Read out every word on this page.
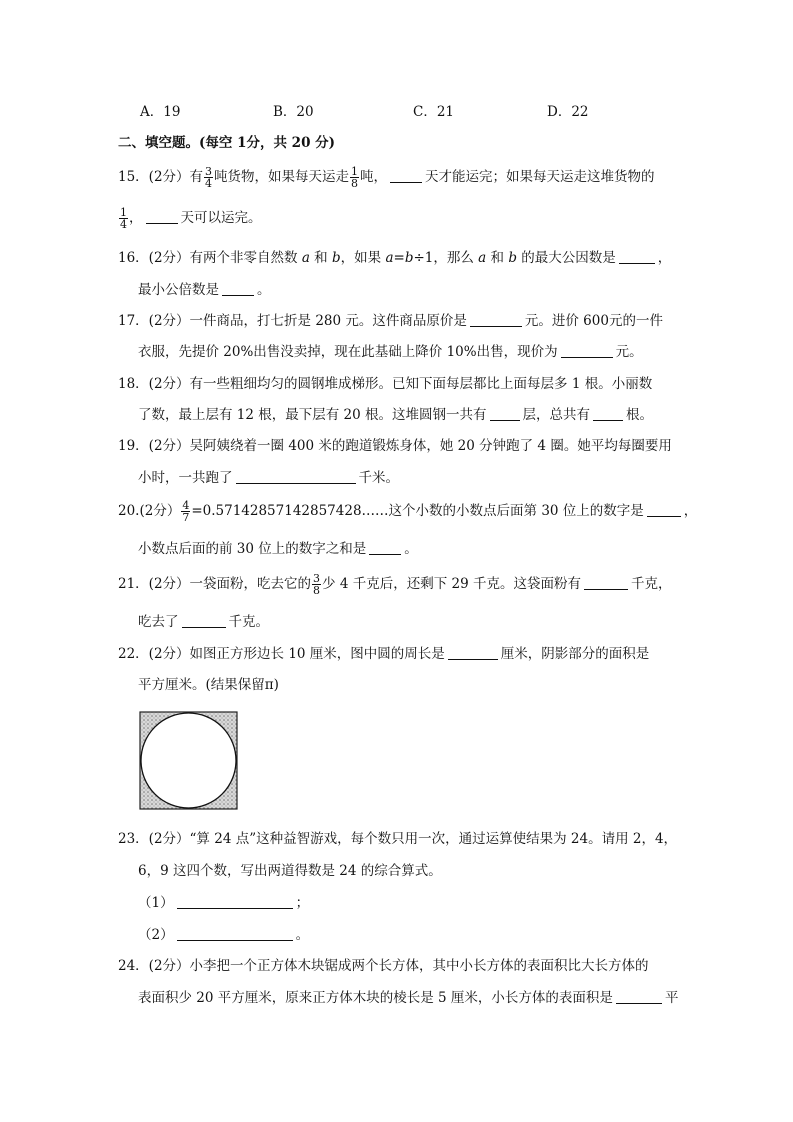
A．19	B．20	C．21	D．22
二、填空题。(每空 1分，共 20 分)
15．(2分）有 $\frac{3}{4}$ 吨货物，如果每天运走 $\frac{1}{8}$ 吨，	天才能运完；如果每天运走这堆货物的
$\frac{1}{4}$ ，	天可以运完。
16．(2分）有两个非零自然数 a 和 b，如果 a=b÷1，那么 a 和 b 的最大公因数是	，
最小公倍数是	。
17．(2分）一件商品，打七折是 280 元。这件商品原价是	元。进价 600元的一件
衣服，先提价 20%出售没卖掉，现在此基础上降价 10%出售，现价为	元。
18．(2分）有一些粗细均匀的圆钢堆成梯形。已知下面每层都比上面每层多 1 根。小丽数
了数，最上层有 12 根，最下层有 20 根。这堆圆钢一共有	层，总共有	根。
19．(2分）吴阿姨绕着一圈 400 米的跑道锻炼身体，她 20 分钟跑了 4 圈。她平均每圈要用
小时，一共跑了	千米。
20.(2分） $\frac{4}{7}$ =0.57142857142857428……这个小数的小数点后面第 30 位上的数字是	，
小数点后面的前 30 位上的数字之和是	。
21．(2分）一袋面粉，吃去它的 $\frac{3}{8}$ 少 4 千克后，还剩下 29 千克。这袋面粉有	千克，
吃去了	千克。
22．(2分）如图正方形边长 10 厘米，图中圆的周长是	厘米，阴影部分的面积是
平方厘米。(结果保留π)
23．(2分）“算 24 点”这种益智游戏，每个数只用一次，通过运算使结果为 24。请用 2，4，
6，9 这四个数，写出两道得数是 24 的综合算式。
（1）	；
（2）	。
24．(2分）小李把一个正方体木块锯成两个长方体，其中小长方体的表面积比大长方体的
表面积少 20 平方厘米，原来正方体木块的棱长是 5 厘米，小长方体的表面积是	平
